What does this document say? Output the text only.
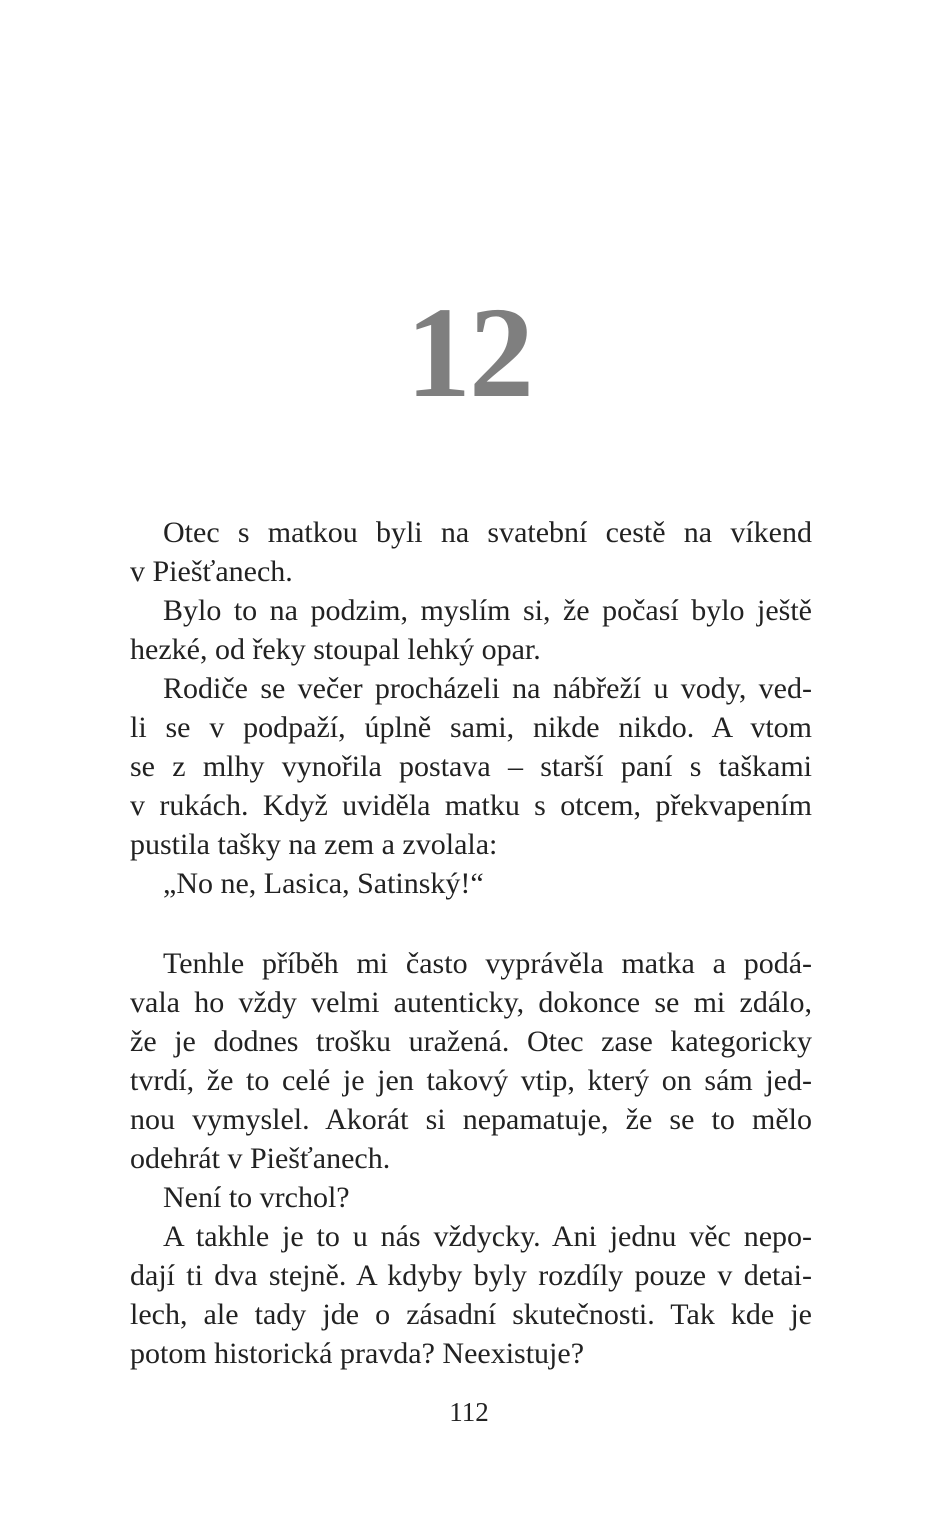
12
Otec s matkou byli na svatební cestě na víkend
v Piešťanech.
Bylo to na podzim, myslím si, že počasí bylo ještě
hezké, od řeky stoupal lehký opar.
Rodiče se večer procházeli na nábřeží u vody, ved-
li se v podpaží, úplně sami, nikde nikdo. A vtom
se z mlhy vynořila postava – starší paní s taškami
v rukách. Když uviděla matku s otcem, překvapením
pustila tašky na zem a zvolala:
„No ne, Lasica, Satinský!“
Tenhle příběh mi často vyprávěla matka a podá-
vala ho vždy velmi autenticky, dokonce se mi zdálo,
že je dodnes trošku uražená. Otec zase kategoricky
tvrdí, že to celé je jen takový vtip, který on sám jed-
nou vymyslel. Akorát si nepamatuje, že se to mělo
odehrát v Piešťanech.
Není to vrchol?
A takhle je to u nás vždycky. Ani jednu věc nepo-
dají ti dva stejně. A kdyby byly rozdíly pouze v detai-
lech, ale tady jde o zásadní skutečnosti. Tak kde je
potom historická pravda? Neexistuje?
112
